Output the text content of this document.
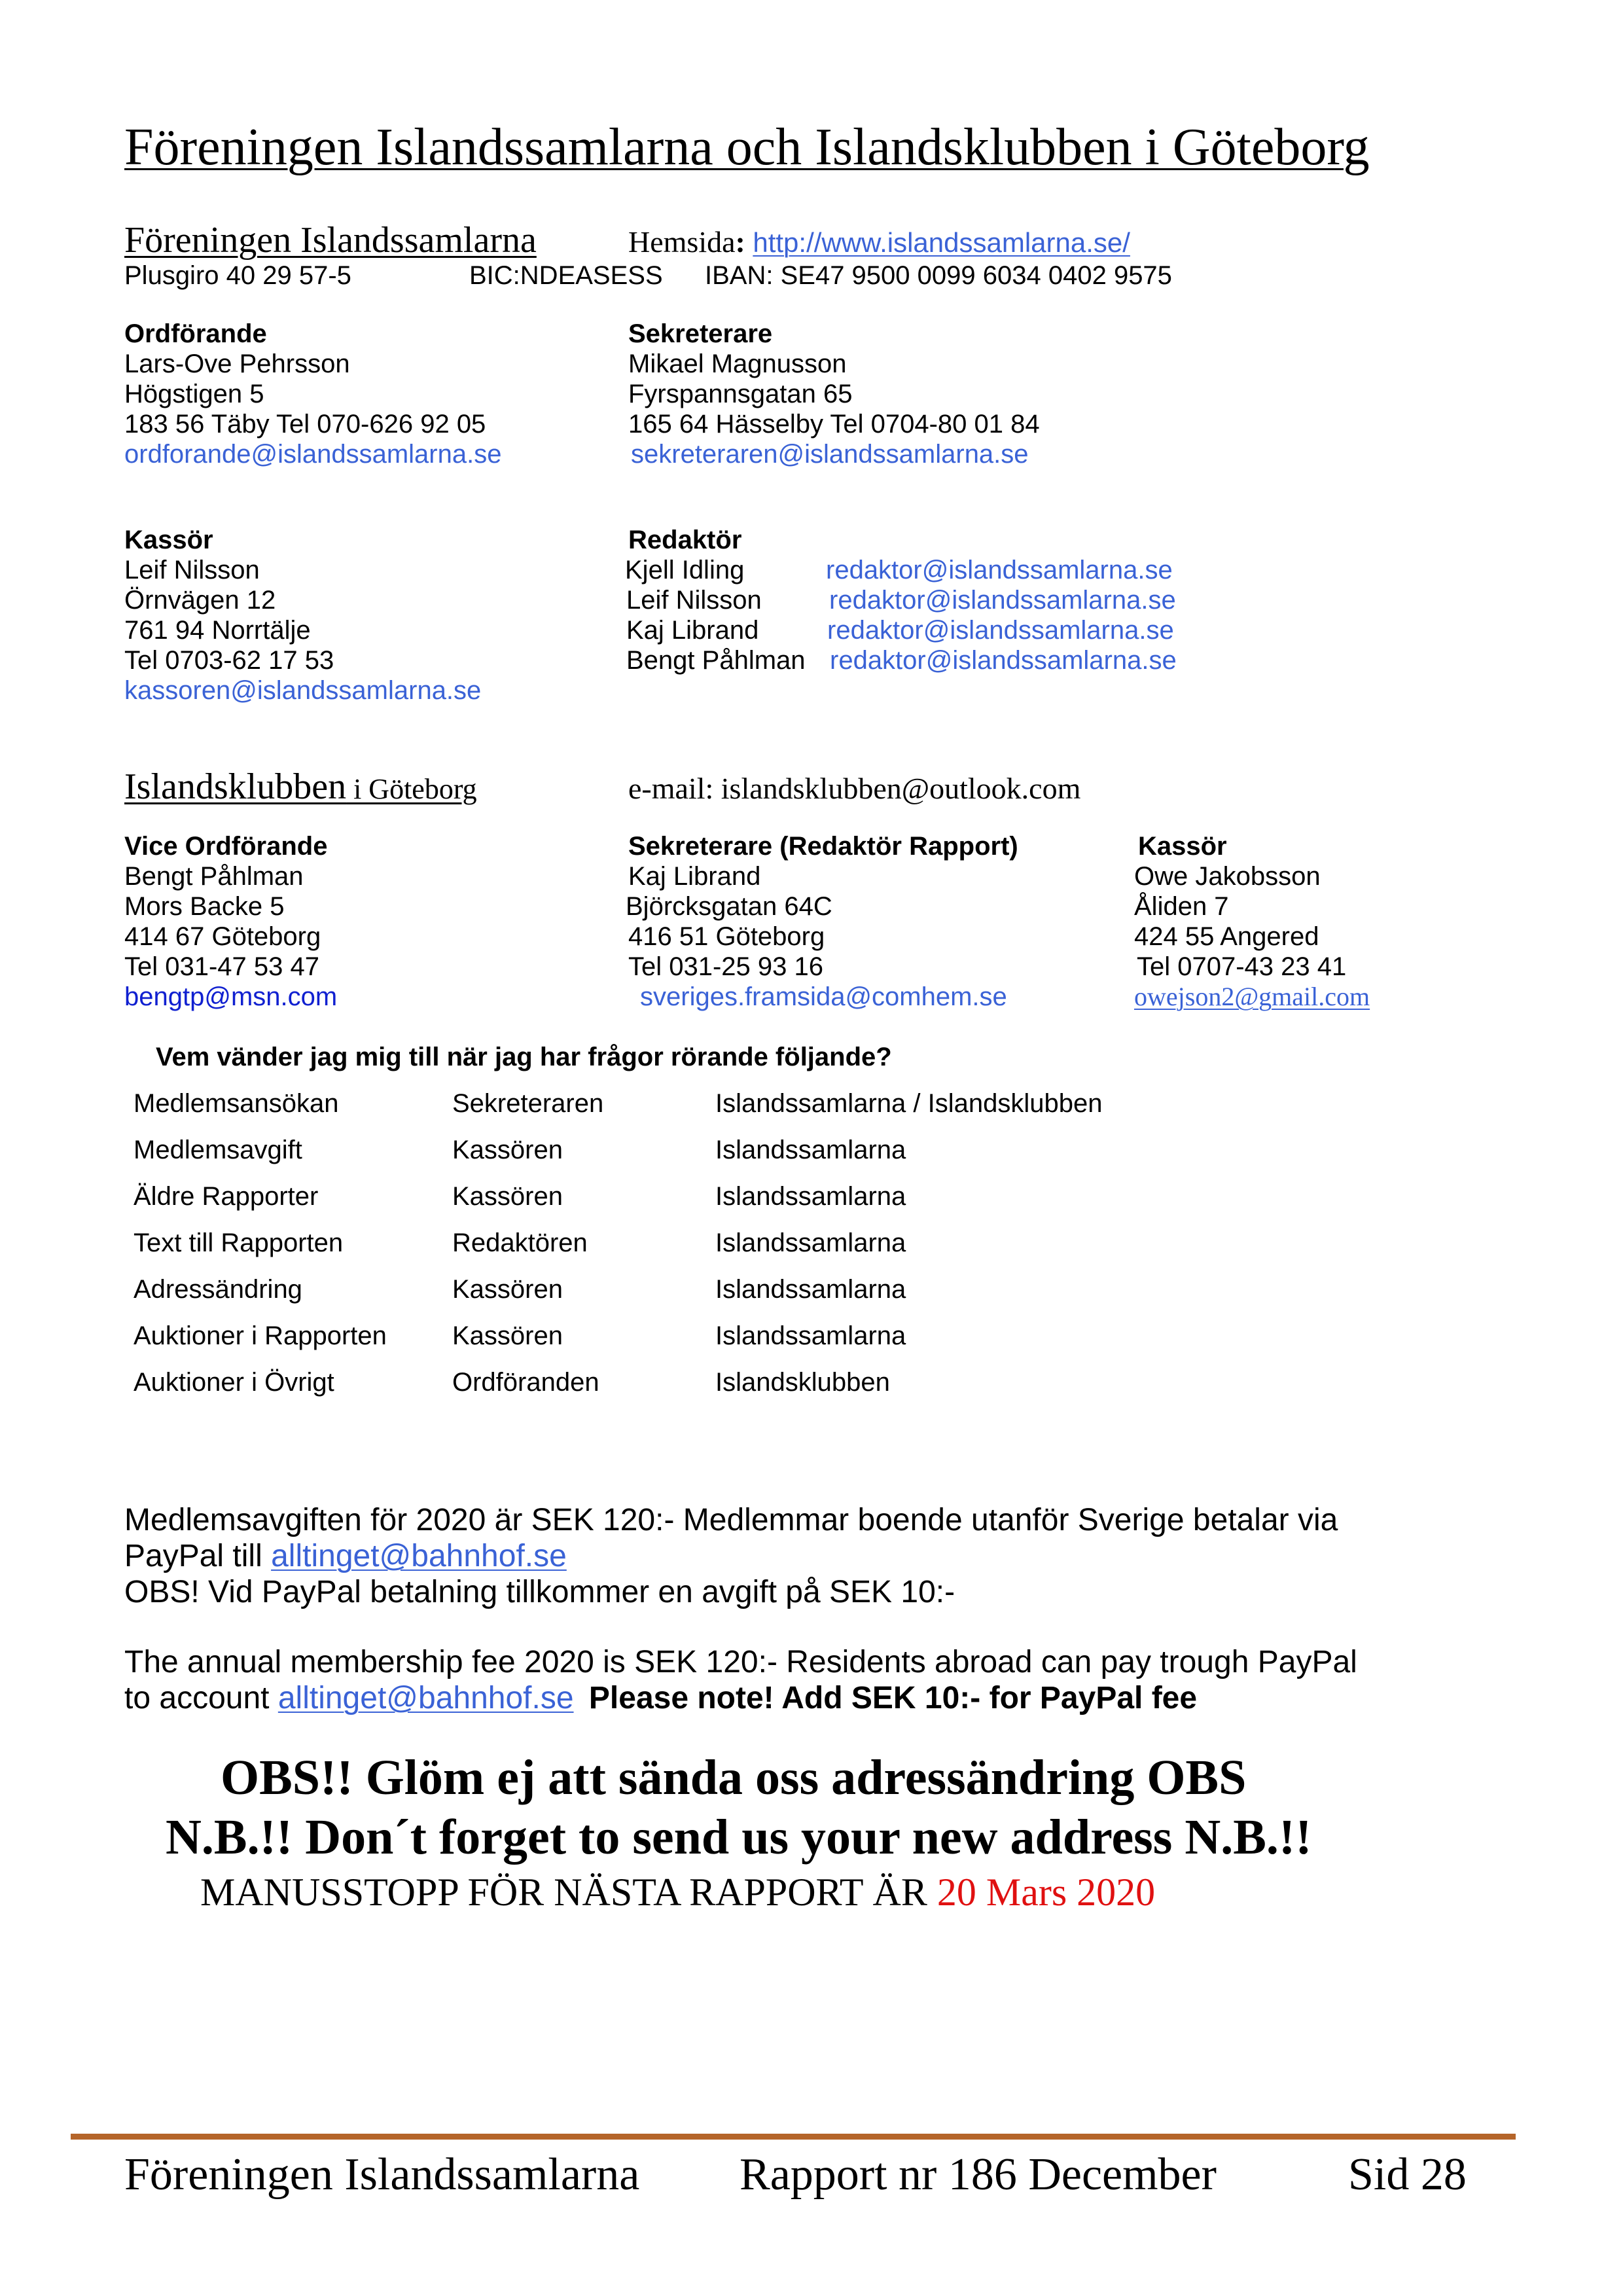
Föreningen Islandssamlarna och Islandsklubben i Göteborg
Föreningen Islandssamlarna	Hemsida: http://www.islandssamlarna.se/
Plusgiro 40 29 57-5	BIC:NDEASESS IBAN: SE47 9500 0099 6034 0402 9575
Ordförande
Lars-Ove Pehrsson
Högstigen 5
183 56 Täby Tel 070-626 92 05
ordforande@islandssamlarna.se
Sekreterare
Mikael Magnusson
Fyrspannsgatan 65
165 64 Hässelby Tel 0704-80 01 84
sekreteraren@islandssamlarna.se
Kassör
Leif Nilsson
Örnvägen 12
761 94 Norrtälje
Tel 0703-62 17 53
kassoren@islandssamlarna.se
Redaktör
Kjell Idling	redaktor@islandssamlarna.se
Leif Nilsson	redaktor@islandssamlarna.se
Kaj Librand	redaktor@islandssamlarna.se
Bengt Påhlman redaktor@islandssamlarna.se
Islandsklubben i Göteborg	e-mail: islandsklubben@outlook.com
Vice Ordförande
Bengt Påhlman
Mors Backe 5
414 67 Göteborg
Tel 031-47 53 47
bengtp@msn.com
Sekreterare (Redaktör Rapport)
Kaj Librand
Björcksgatan 64C
416 51 Göteborg
Tel 031-25 93 16
sveriges.framsida@comhem.se
Kassör
Owe Jakobsson
Åliden 7
424 55 Angered
Tel 0707-43 23 41
owejson2@gmail.com
Vem vänder jag mig till när jag har frågor rörande följande?
Medlemsansökan	Sekreteraren	Islandssamlarna / Islandsklubben
Medlemsavgift	Kassören	Islandssamlarna
Äldre Rapporter	Kassören	Islandssamlarna
Text till Rapporten	Redaktören	Islandssamlarna
Adressändring	Kassören	Islandssamlarna
Auktioner i Rapporten	Kassören	Islandssamlarna
Auktioner i Övrigt	Ordföranden	Islandsklubben
Medlemsavgiften för 2020 är SEK 120:- Medlemmar boende utanför Sverige betalar via
PayPal till alltinget@bahnhof.se
OBS! Vid PayPal betalning tillkommer en avgift på SEK 10:-
The annual membership fee 2020 is SEK 120:- Residents abroad can pay trough PayPal
to account alltinget@bahnhof.se Please note! Add SEK 10:- for PayPal fee
OBS!! Glöm ej att sända oss adressändring OBS
N.B.!! Don´t forget to send us your new address N.B.!!
MANUSSTOPP FÖR NÄSTA RAPPORT ÄR 20 Mars 2020
Föreningen Islandssamlarna Rapport nr 186 December	Sid 28
